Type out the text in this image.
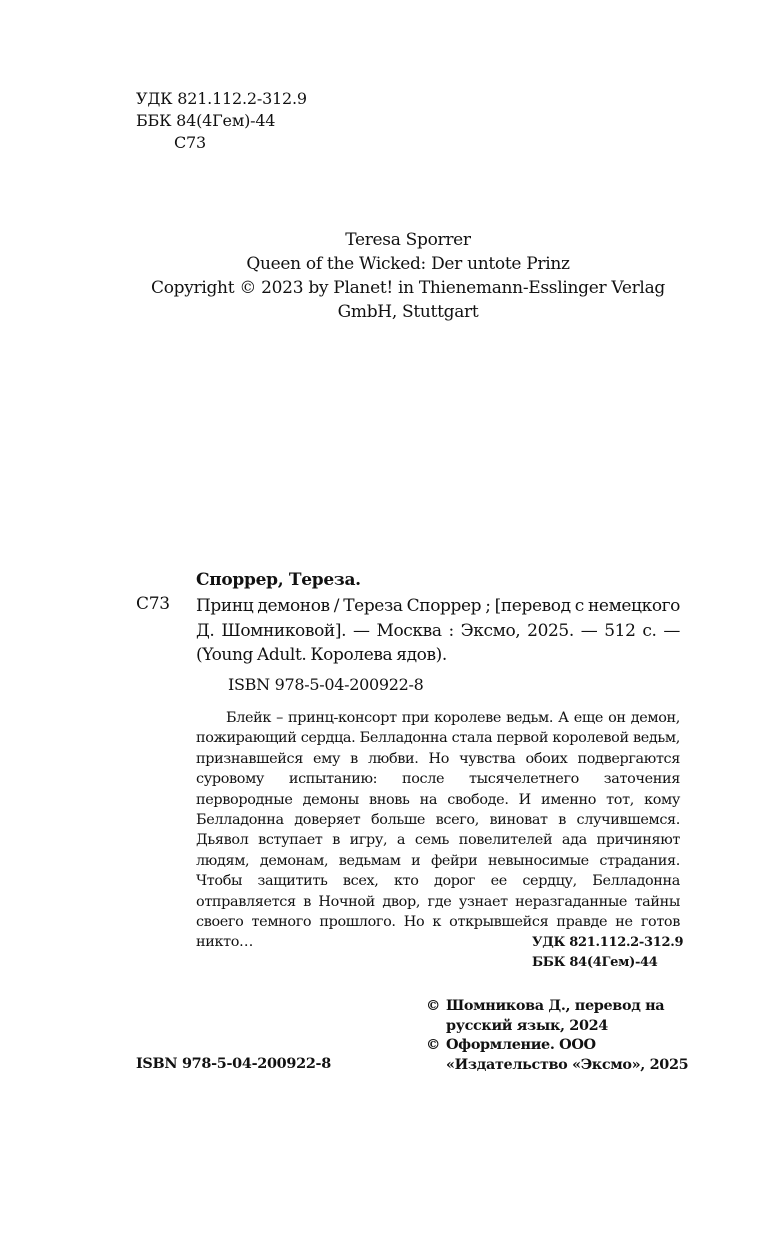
УДК 821.112.2-312.9
ББК 84(4Гем)-44
С73
Teresa Sporrer
Queen of the Wicked: Der untote Prinz
Copyright © 2023 by Planet! in Thienemann-Esslinger Verlag
GmbH, Stuttgart
Споррер, Тереза.
С73 Принц демонов / Тереза Споррер ; [перевод с немецкого Д. Шомниковой]. — Москва : Эксмо, 2025. — 512 с. — (Young Adult. Королева ядов).
ISBN 978-5-04-200922-8
Блейк – принц-консорт при королеве ведьм. А еще он демон, пожирающий сердца. Белладонна стала первой королевой ведьм, признавшейся ему в любви. Но чувства обоих подвергаются суровому испытанию: после тысячелетнего заточения первородные демоны вновь на свободе. И именно тот, кому Белладонна доверяет больше всего, виноват в случившемся. Дьявол вступает в игру, а семь повелителей ада причиняют людям, демонам, ведьмам и фейри невыносимые страдания. Чтобы защитить всех, кто дорог ее сердцу, Белладонна отправляется в Ночной двор, где узнает неразгаданные тайны своего темного прошлого. Но к открывшейся правде не готов никто…	УДК 821.112.2-312.9
ББК 84(4Гем)-44
© Шомникова Д., перевод на
русский язык, 2024
© Оформление. ООО
«Издательство «Эксмо», 2025
ISBN 978-5-04-200922-8
